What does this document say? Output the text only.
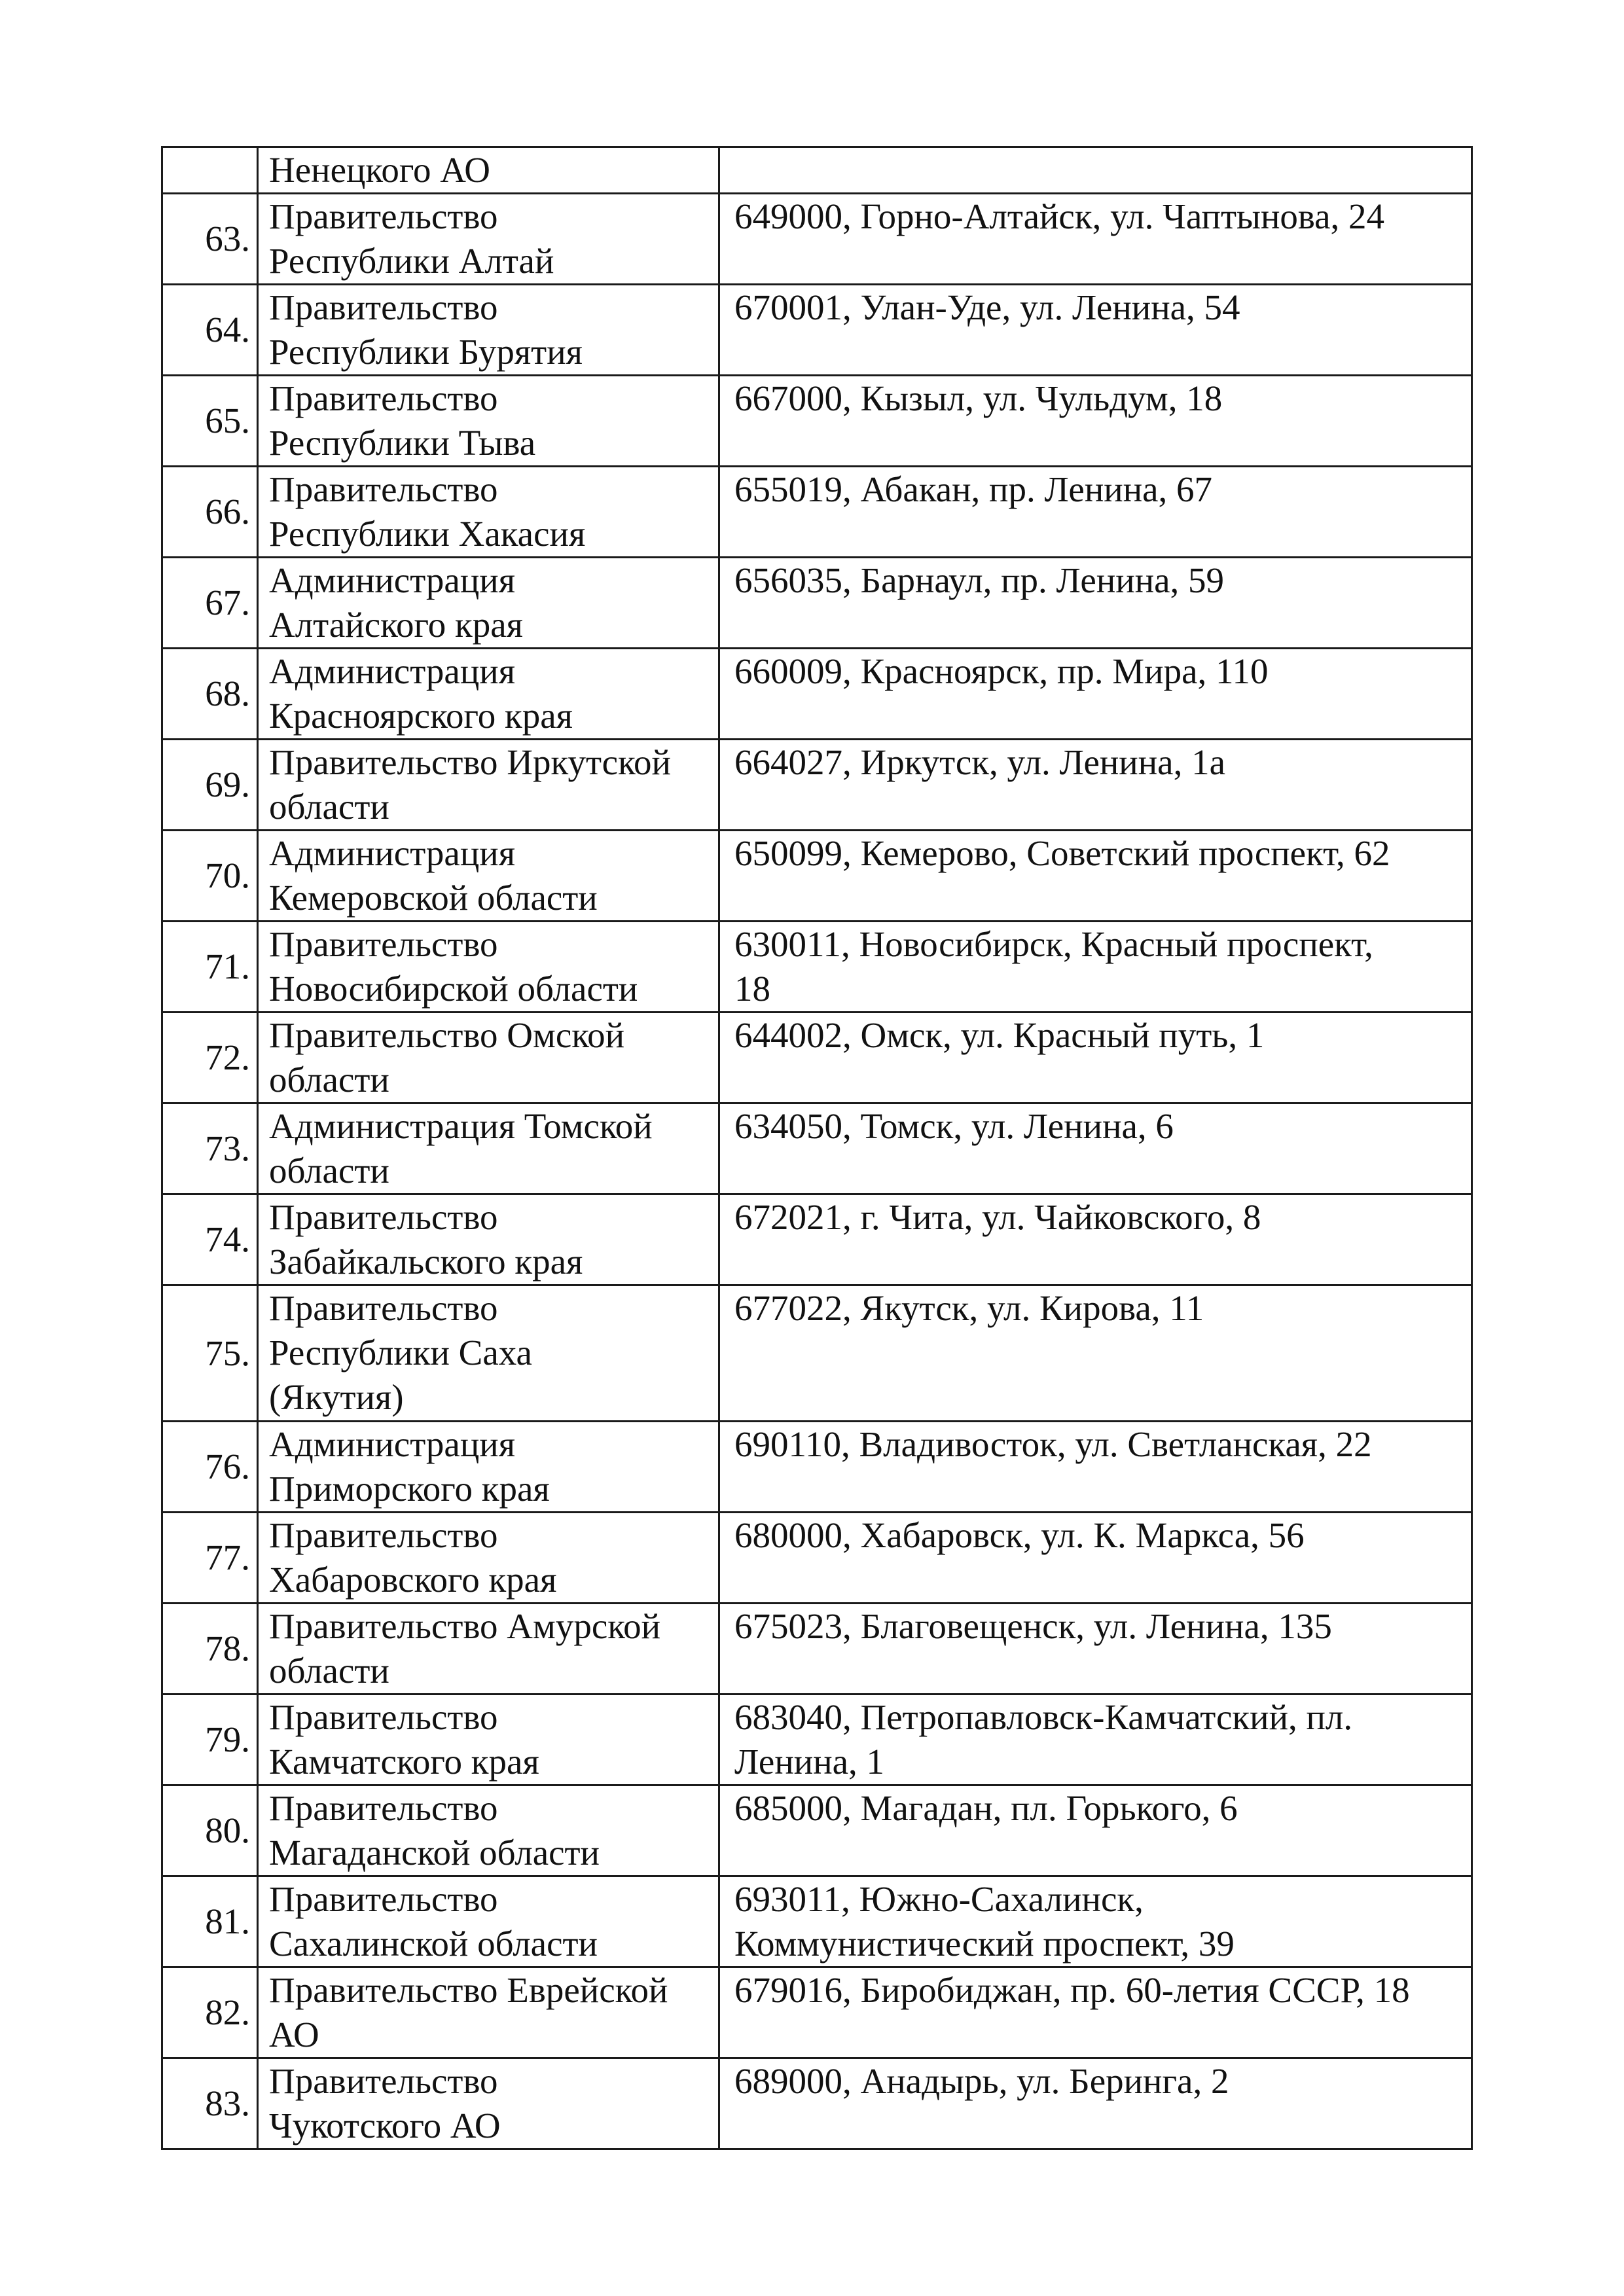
	Ненецкого АО	

63.	Правительство
Республики Алтай	649000, Горно-Алтайск, ул. Чаптынова, 24

64.	Правительство
Республики Бурятия	670001, Улан-Уде, ул. Ленина, 54

65.	Правительство
Республики Тыва	667000, Кызыл, ул. Чульдум, 18

66.	Правительство
Республики Хакасия	655019, Абакан, пр. Ленина, 67

67.	Администрация
Алтайского края	656035, Барнаул, пр. Ленина, 59

68.	Администрация
Красноярского края	660009, Красноярск, пр. Мира, 110

69.	Правительство Иркутской
области	664027, Иркутск, ул. Ленина, 1а

70.	Администрация
Кемеровской области	650099, Кемерово, Советский проспект, 62

71.	Правительство
Новосибирской области	630011, Новосибирск, Красный проспект,
18

72.	Правительство Омской
области	644002, Омск, ул. Красный путь, 1

73.	Администрация Томской
области	634050, Томск, ул. Ленина, 6

74.	Правительство
Забайкальского края	672021, г. Чита, ул. Чайковского, 8

75.	Правительство
Республики Саха
(Якутия)	677022, Якутск, ул. Кирова, 11

76.	Администрация
Приморского края	690110, Владивосток, ул. Светланская, 22

77.	Правительство
Хабаровского края	680000, Хабаровск, ул. К. Маркса, 56

78.	Правительство Амурской
области	675023, Благовещенск, ул. Ленина, 135

79.	Правительство
Камчатского края	683040, Петропавловск-Камчатский, пл.
Ленина, 1

80.	Правительство
Магаданской области	685000, Магадан, пл. Горького, 6

81.	Правительство
Сахалинской области	693011, Южно-Сахалинск,
Коммунистический проспект, 39

82.	Правительство Еврейской
АО	679016, Биробиджан, пр. 60-летия СССР, 18

83.	Правительство
Чукотского АО	689000, Анадырь, ул. Беринга, 2
